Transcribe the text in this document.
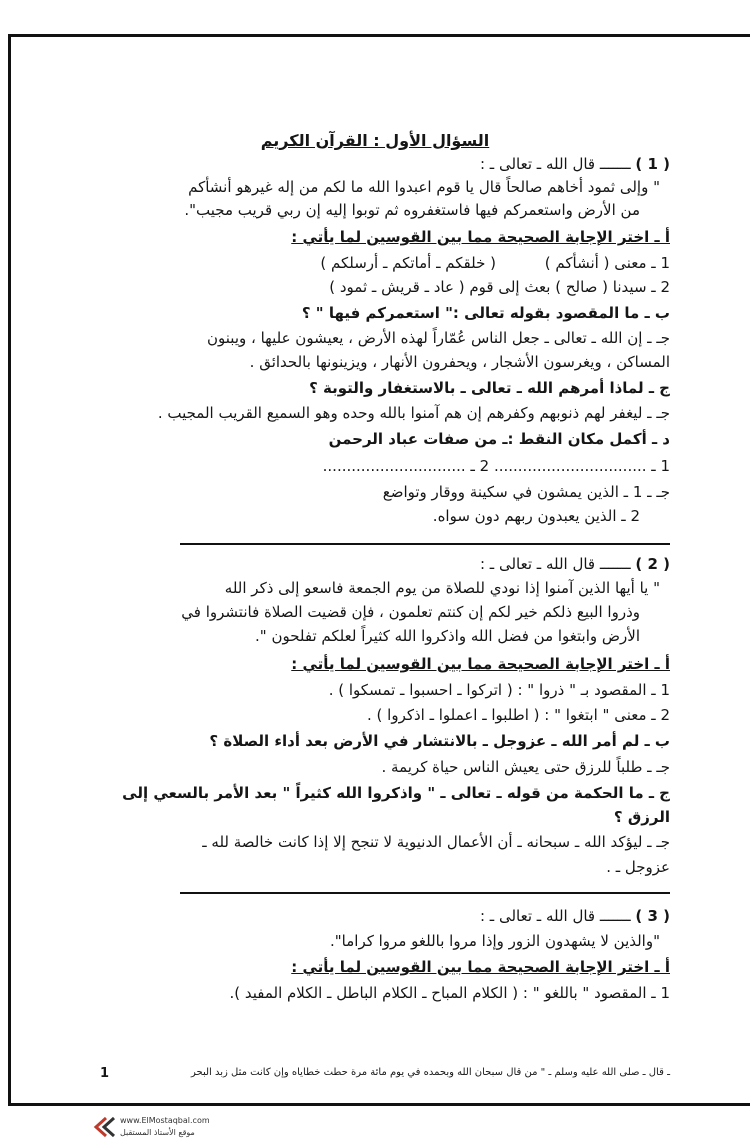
السؤال الأول : القرآن الكريم
( 1 ) ـــــــ قال الله ـ تعالى ـ :
" وإلى ثمود أخاهم صالحاً قال يا قوم اعبدوا الله ما لكم من إله غيرهو أنشأكم
من الأرض واستعمركم فيها فاستغفروه ثم توبوا إليه إن ربي قريب مجيب".
أ ـ اختر الإجابة الصحيحة مما بين القوسين لما يأتي :
1 ـ معنى ( أنشأكم ) ( خلقكم ـ أماتكم ـ أرسلكم )
2 ـ سيدنا ( صالح ) بعث إلى قوم ( عاد ـ قريش ـ ثمود )
ب ـ ما المقصود بقوله تعالى :" استعمركم فيها " ؟
جـ ـ إن الله ـ تعالى ـ جعل الناس عُمّاراً لهذه الأرض ، يعيشون عليها ، ويبنون
المساكن ، ويغرسون الأشجار ، ويحفرون الأنهار ، ويزينونها بالحدائق .
ج ـ لماذا أمرهم الله ـ تعالى ـ بالاستغفار والتوبة ؟
جـ ـ ليغفر لهم ذنوبهم وكفرهم إن هم آمنوا بالله وحده وهو السميع القريب المجيب .
د ـ أكمل مكان النقط :ـ من صفات عباد الرحمن
1 ـ ................................ 2 ـ ..............................
جـ ـ 1 ـ الذين يمشون في سكينة ووقار وتواضع
2 ـ الذين يعبدون ربهم دون سواه.
( 2 ) ـــــــ قال الله ـ تعالى ـ :
" يا أيها الذين آمنوا إذا نودي للصلاة من يوم الجمعة فاسعو إلى ذكر الله
وذروا البيع ذلكم خير لكم إن كنتم تعلمون ، فإن قضيت الصلاة فانتشروا في
الأرض وابتغوا من فضل الله واذكروا الله كثيراً لعلكم تفلحون ".
أ ـ اختر الإجابة الصحيحة مما بين القوسين لما يأتي :
1 ـ المقصود بـ " ذروا " : ( اتركوا ـ احسبوا ـ تمسكوا ) .
2 ـ معنى " ابتغوا " : ( اطلبوا ـ اعملوا ـ اذكروا ) .
ب ـ لم أمر الله ـ عزوجل ـ بالانتشار في الأرض بعد أداء الصلاة ؟
جـ ـ طلباً للرزق حتى يعيش الناس حياة كريمة .
ج ـ ما الحكمة من قوله ـ تعالى ـ " واذكروا الله كثيراً " بعد الأمر بالسعي إلى
الرزق ؟
جـ ـ ليؤكد الله ـ سبحانه ـ أن الأعمال الدنيوية لا تنجح إلا إذا كانت خالصة لله ـ
عزوجل ـ .
( 3 ) ـــــــ قال الله ـ تعالى ـ :
"والذين لا يشهدون الزور وإذا مروا باللغو مروا كراما".
أ ـ اختر الإجابة الصحيحة مما بين القوسين لما يأتي :
1 ـ المقصود " باللغو " : ( الكلام المباح ـ الكلام الباطل ـ الكلام المفيد ).
ـ قال ـ صلى الله عليه وسلم ـ " من قال سبحان الله وبحمده في يوم مائة مرة حطت خطاياه وإن كانت مثل زبد البحر
1
www.ElMostaqbal.com
موقع الأستاذ المستقبل
